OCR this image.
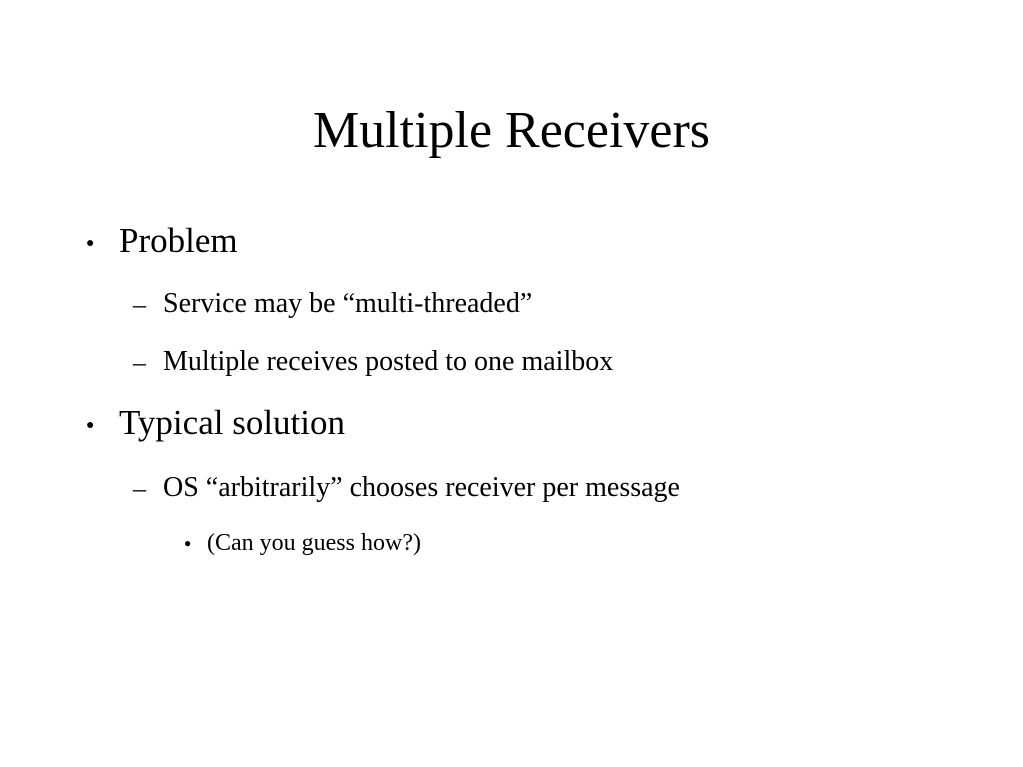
Multiple Receivers
● Problem
– Service may be “multi-threaded”
– Multiple receives posted to one mailbox
● Typical solution
– OS “arbitrarily” chooses receiver per message
● (Can you guess how?)
